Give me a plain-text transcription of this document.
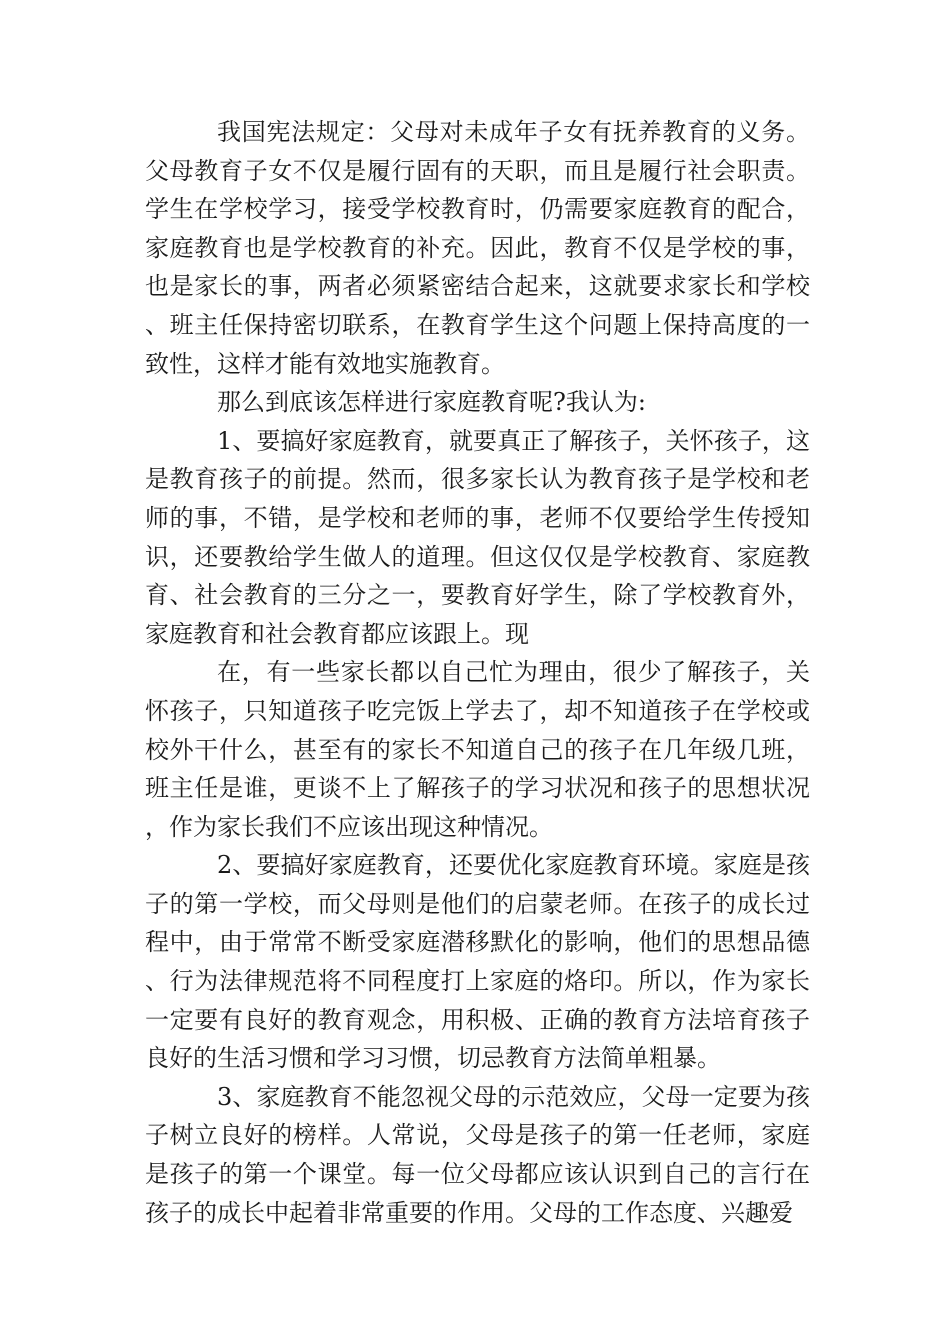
我国宪法规定：父母对未成年子女有抚养教育的义务。父母教育子女不仅是履行固有的天职，而且是履行社会职责。学生在学校学习，接受学校教育时，仍需要家庭教育的配合，家庭教育也是学校教育的补充。因此，教育不仅是学校的事，也是家长的事，两者必须紧密结合起来，这就要求家长和学校、班主任保持密切联系，在教育学生这个问题上保持高度的一致性，这样才能有效地实施教育。

那么到底该怎样进行家庭教育呢?我认为:

1、要搞好家庭教育，就要真正了解孩子，关怀孩子，这是教育孩子的前提。然而，很多家长认为教育孩子是学校和老师的事，不错，是学校和老师的事，老师不仅要给学生传授知识，还要教给学生做人的道理。但这仅仅是学校教育、家庭教育、社会教育的三分之一，要教育好学生，除了学校教育外，家庭教育和社会教育都应该跟上。现

在，有一些家长都以自己忙为理由，很少了解孩子，关怀孩子，只知道孩子吃完饭上学去了，却不知道孩子在学校或校外干什么，甚至有的家长不知道自己的孩子在几年级几班，班主任是谁，更谈不上了解孩子的学习状况和孩子的思想状况，作为家长我们不应该出现这种情况。

2、要搞好家庭教育，还要优化家庭教育环境。家庭是孩子的第一学校，而父母则是他们的启蒙老师。在孩子的成长过程中，由于常常不断受家庭潜移默化的影响，他们的思想品德、行为法律规范将不同程度打上家庭的烙印。所以，作为家长一定要有良好的教育观念，用积极、正确的教育方法培育孩子良好的生活习惯和学习习惯，切忌教育方法简单粗暴。

3、家庭教育不能忽视父母的示范效应，父母一定要为孩子树立良好的榜样。人常说，父母是孩子的第一任老师，家庭是孩子的第一个课堂。每一位父母都应该认识到自己的言行在孩子的成长中起着非常重要的作用。父母的工作态度、兴趣爱
